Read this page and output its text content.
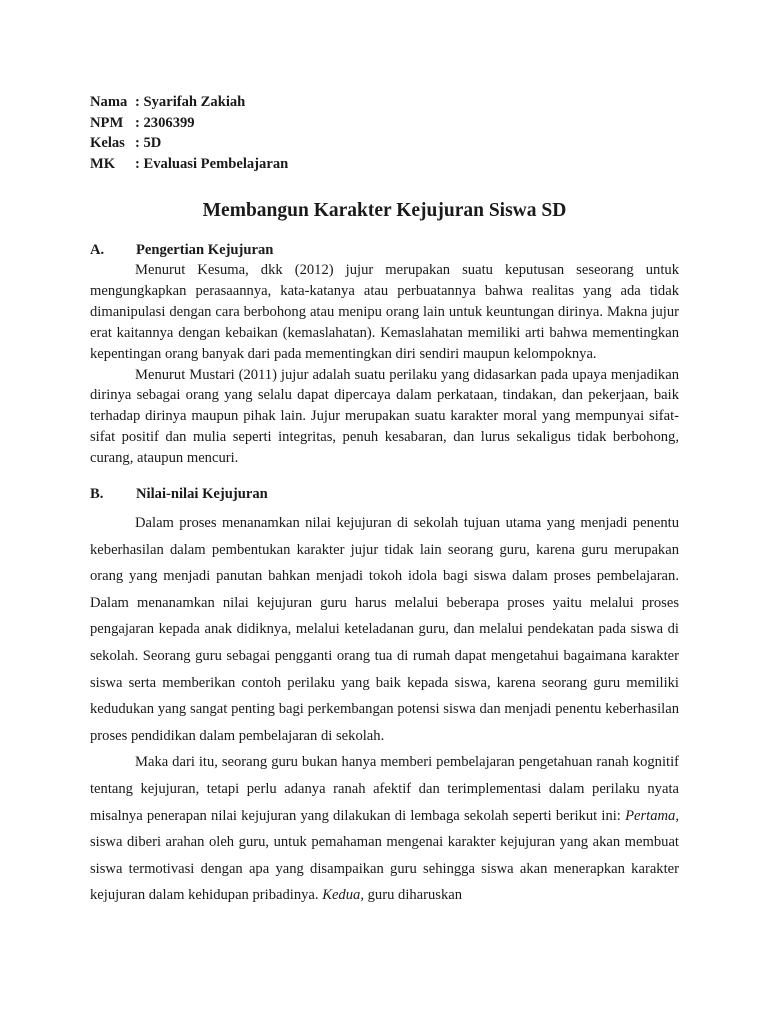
Nama	: Syarifah Zakiah
NPM	: 2306399
Kelas	: 5D
MK	: Evaluasi Pembelajaran
Membangun Karakter Kejujuran Siswa SD
A.	Pengertian Kejujuran

Menurut Kesuma, dkk (2012) jujur merupakan suatu keputusan seseorang untuk mengungkapkan perasaannya, kata-katanya atau perbuatannya bahwa realitas yang ada tidak dimanipulasi dengan cara berbohong atau menipu orang lain untuk keuntungan dirinya. Makna jujur erat kaitannya dengan kebaikan (kemaslahatan). Kemaslahatan memiliki arti bahwa mementingkan kepentingan orang banyak dari pada mementingkan diri sendiri maupun kelompoknya.

Menurut Mustari (2011) jujur adalah suatu perilaku yang didasarkan pada upaya menjadikan dirinya sebagai orang yang selalu dapat dipercaya dalam perkataan, tindakan, dan pekerjaan, baik terhadap dirinya maupun pihak lain. Jujur merupakan suatu karakter moral yang mempunyai sifat-sifat positif dan mulia seperti integritas, penuh kesabaran, dan lurus sekaligus tidak berbohong, curang, ataupun mencuri.

B.	Nilai-nilai Kejujuran

Dalam proses menanamkan nilai kejujuran di sekolah tujuan utama yang menjadi penentu keberhasilan dalam pembentukan karakter jujur tidak lain seorang guru, karena guru merupakan orang yang menjadi panutan bahkan menjadi tokoh idola bagi siswa dalam proses pembelajaran. Dalam menanamkan nilai kejujuran guru harus melalui beberapa proses yaitu melalui proses pengajaran kepada anak didiknya, melalui keteladanan guru, dan melalui pendekatan pada siswa di sekolah. Seorang guru sebagai pengganti orang tua di rumah dapat mengetahui bagaimana karakter siswa serta memberikan contoh perilaku yang baik kepada siswa, karena seorang guru memiliki kedudukan yang sangat penting bagi perkembangan potensi siswa dan menjadi penentu keberhasilan proses pendidikan dalam pembelajaran di sekolah.

Maka dari itu, seorang guru bukan hanya memberi pembelajaran pengetahuan ranah kognitif tentang kejujuran, tetapi perlu adanya ranah afektif dan terimplementasi dalam perilaku nyata misalnya penerapan nilai kejujuran yang dilakukan di lembaga sekolah seperti berikut ini: Pertama, siswa diberi arahan oleh guru, untuk pemahaman mengenai karakter kejujuran yang akan membuat siswa termotivasi dengan apa yang disampaikan guru sehingga siswa akan menerapkan karakter kejujuran dalam kehidupan pribadinya. Kedua, guru diharuskan
